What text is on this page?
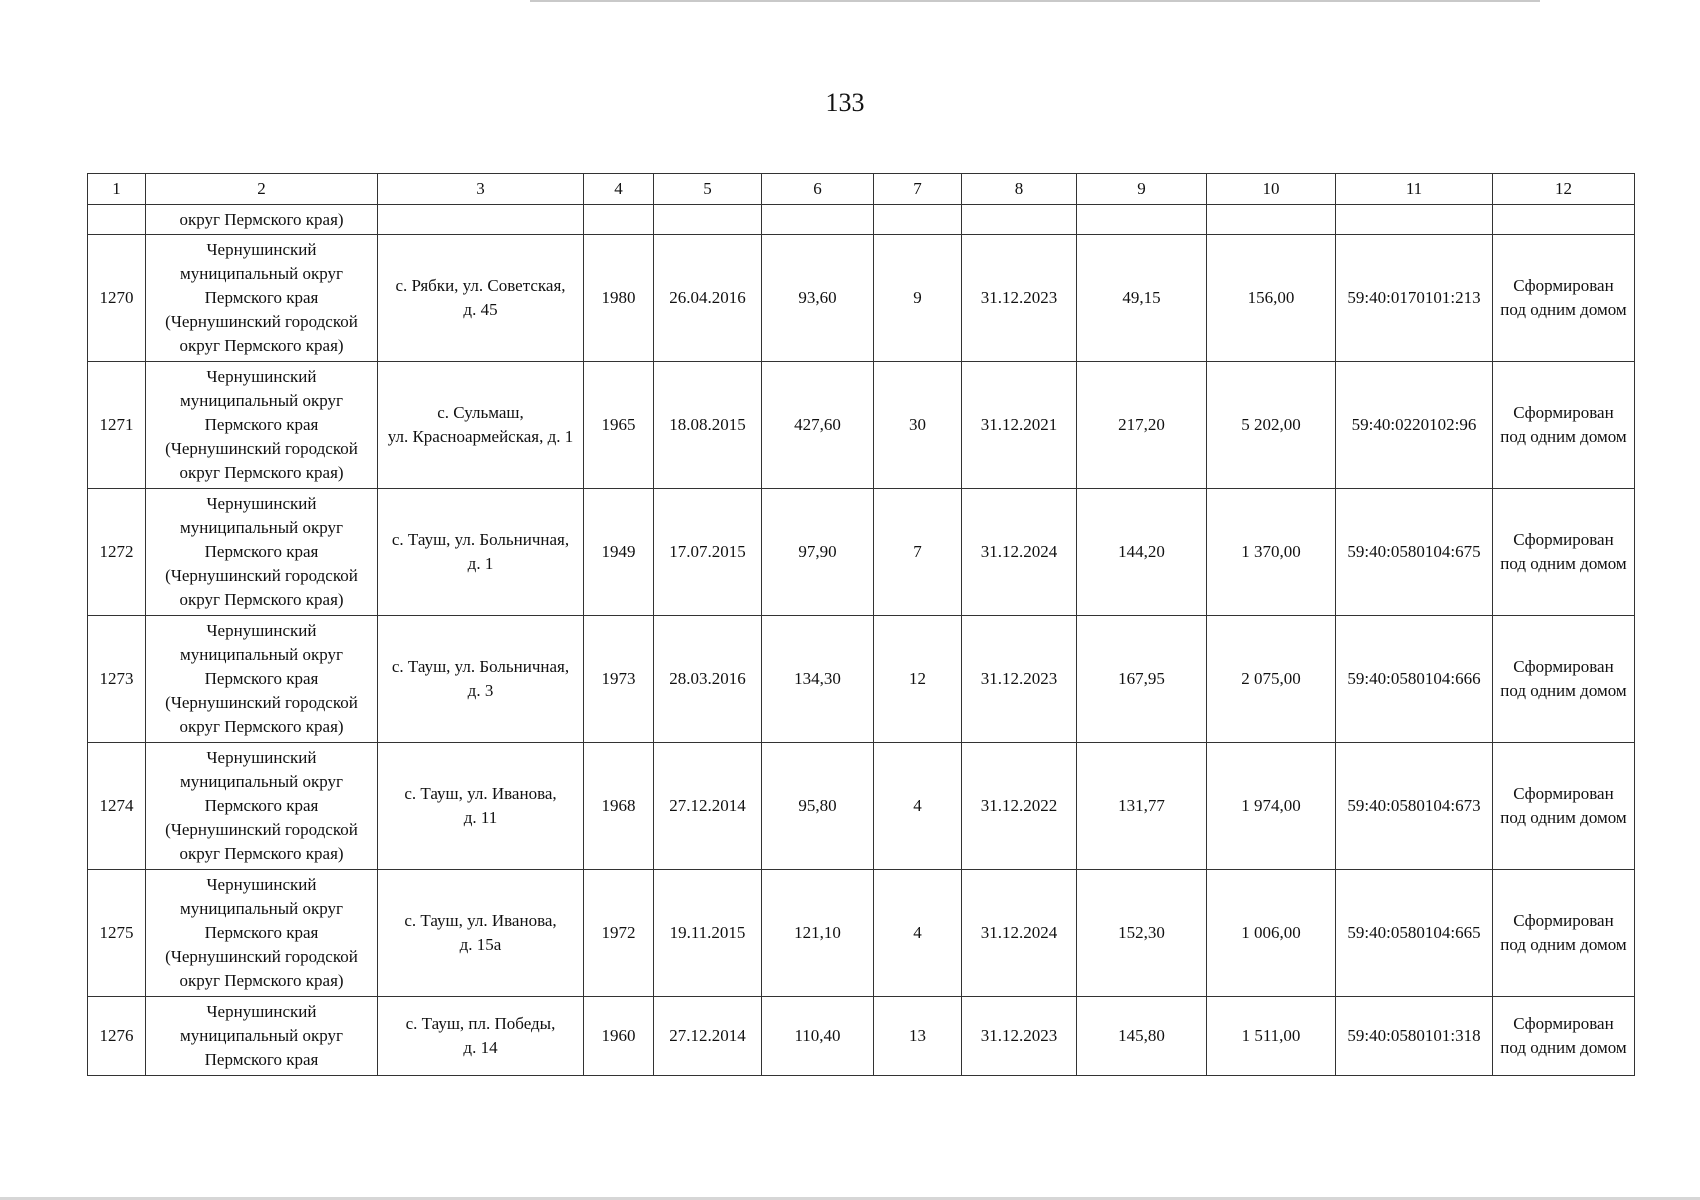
133
1	2	3	4	5	6	7	8	9	10	11	12
	округ Пермского края)										
1270	Чернушинский
муниципальный округ
Пермского края
(Чернушинский городской
округ Пермского края)	с. Рябки, ул. Советская,
д. 45	1980	26.04.2016	93,60	9	31.12.2023	49,15	156,00	59:40:0170101:213	Сформирован
под одним домом

1271	Чернушинский
муниципальный округ
Пермского края
(Чернушинский городской
округ Пермского края)	с. Сульмаш,
ул. Красноармейская, д. 1	1965	18.08.2015	427,60	30	31.12.2021	217,20	5 202,00	59:40:0220102:96	Сформирован
под одним домом

1272	Чернушинский
муниципальный округ
Пермского края
(Чернушинский городской
округ Пермского края)	с. Тауш, ул. Больничная,
д. 1	1949	17.07.2015	97,90	7	31.12.2024	144,20	1 370,00	59:40:0580104:675	Сформирован
под одним домом

1273	Чернушинский
муниципальный округ
Пермского края
(Чернушинский городской
округ Пермского края)	с. Тауш, ул. Больничная,
д. 3	1973	28.03.2016	134,30	12	31.12.2023	167,95	2 075,00	59:40:0580104:666	Сформирован
под одним домом

1274	Чернушинский
муниципальный округ
Пермского края
(Чернушинский городской
округ Пермского края)	с. Тауш, ул. Иванова,
д. 11	1968	27.12.2014	95,80	4	31.12.2022	131,77	1 974,00	59:40:0580104:673	Сформирован
под одним домом

1275	Чернушинский
муниципальный округ
Пермского края
(Чернушинский городской
округ Пермского края)	с. Тауш, ул. Иванова,
д. 15а	1972	19.11.2015	121,10	4	31.12.2024	152,30	1 006,00	59:40:0580104:665	Сформирован
под одним домом

1276	Чернушинский
муниципальный округ
Пермского края	с. Тауш, пл. Победы,
д. 14	1960	27.12.2014	110,40	13	31.12.2023	145,80	1 511,00	59:40:0580101:318	Сформирован
под одним домом
